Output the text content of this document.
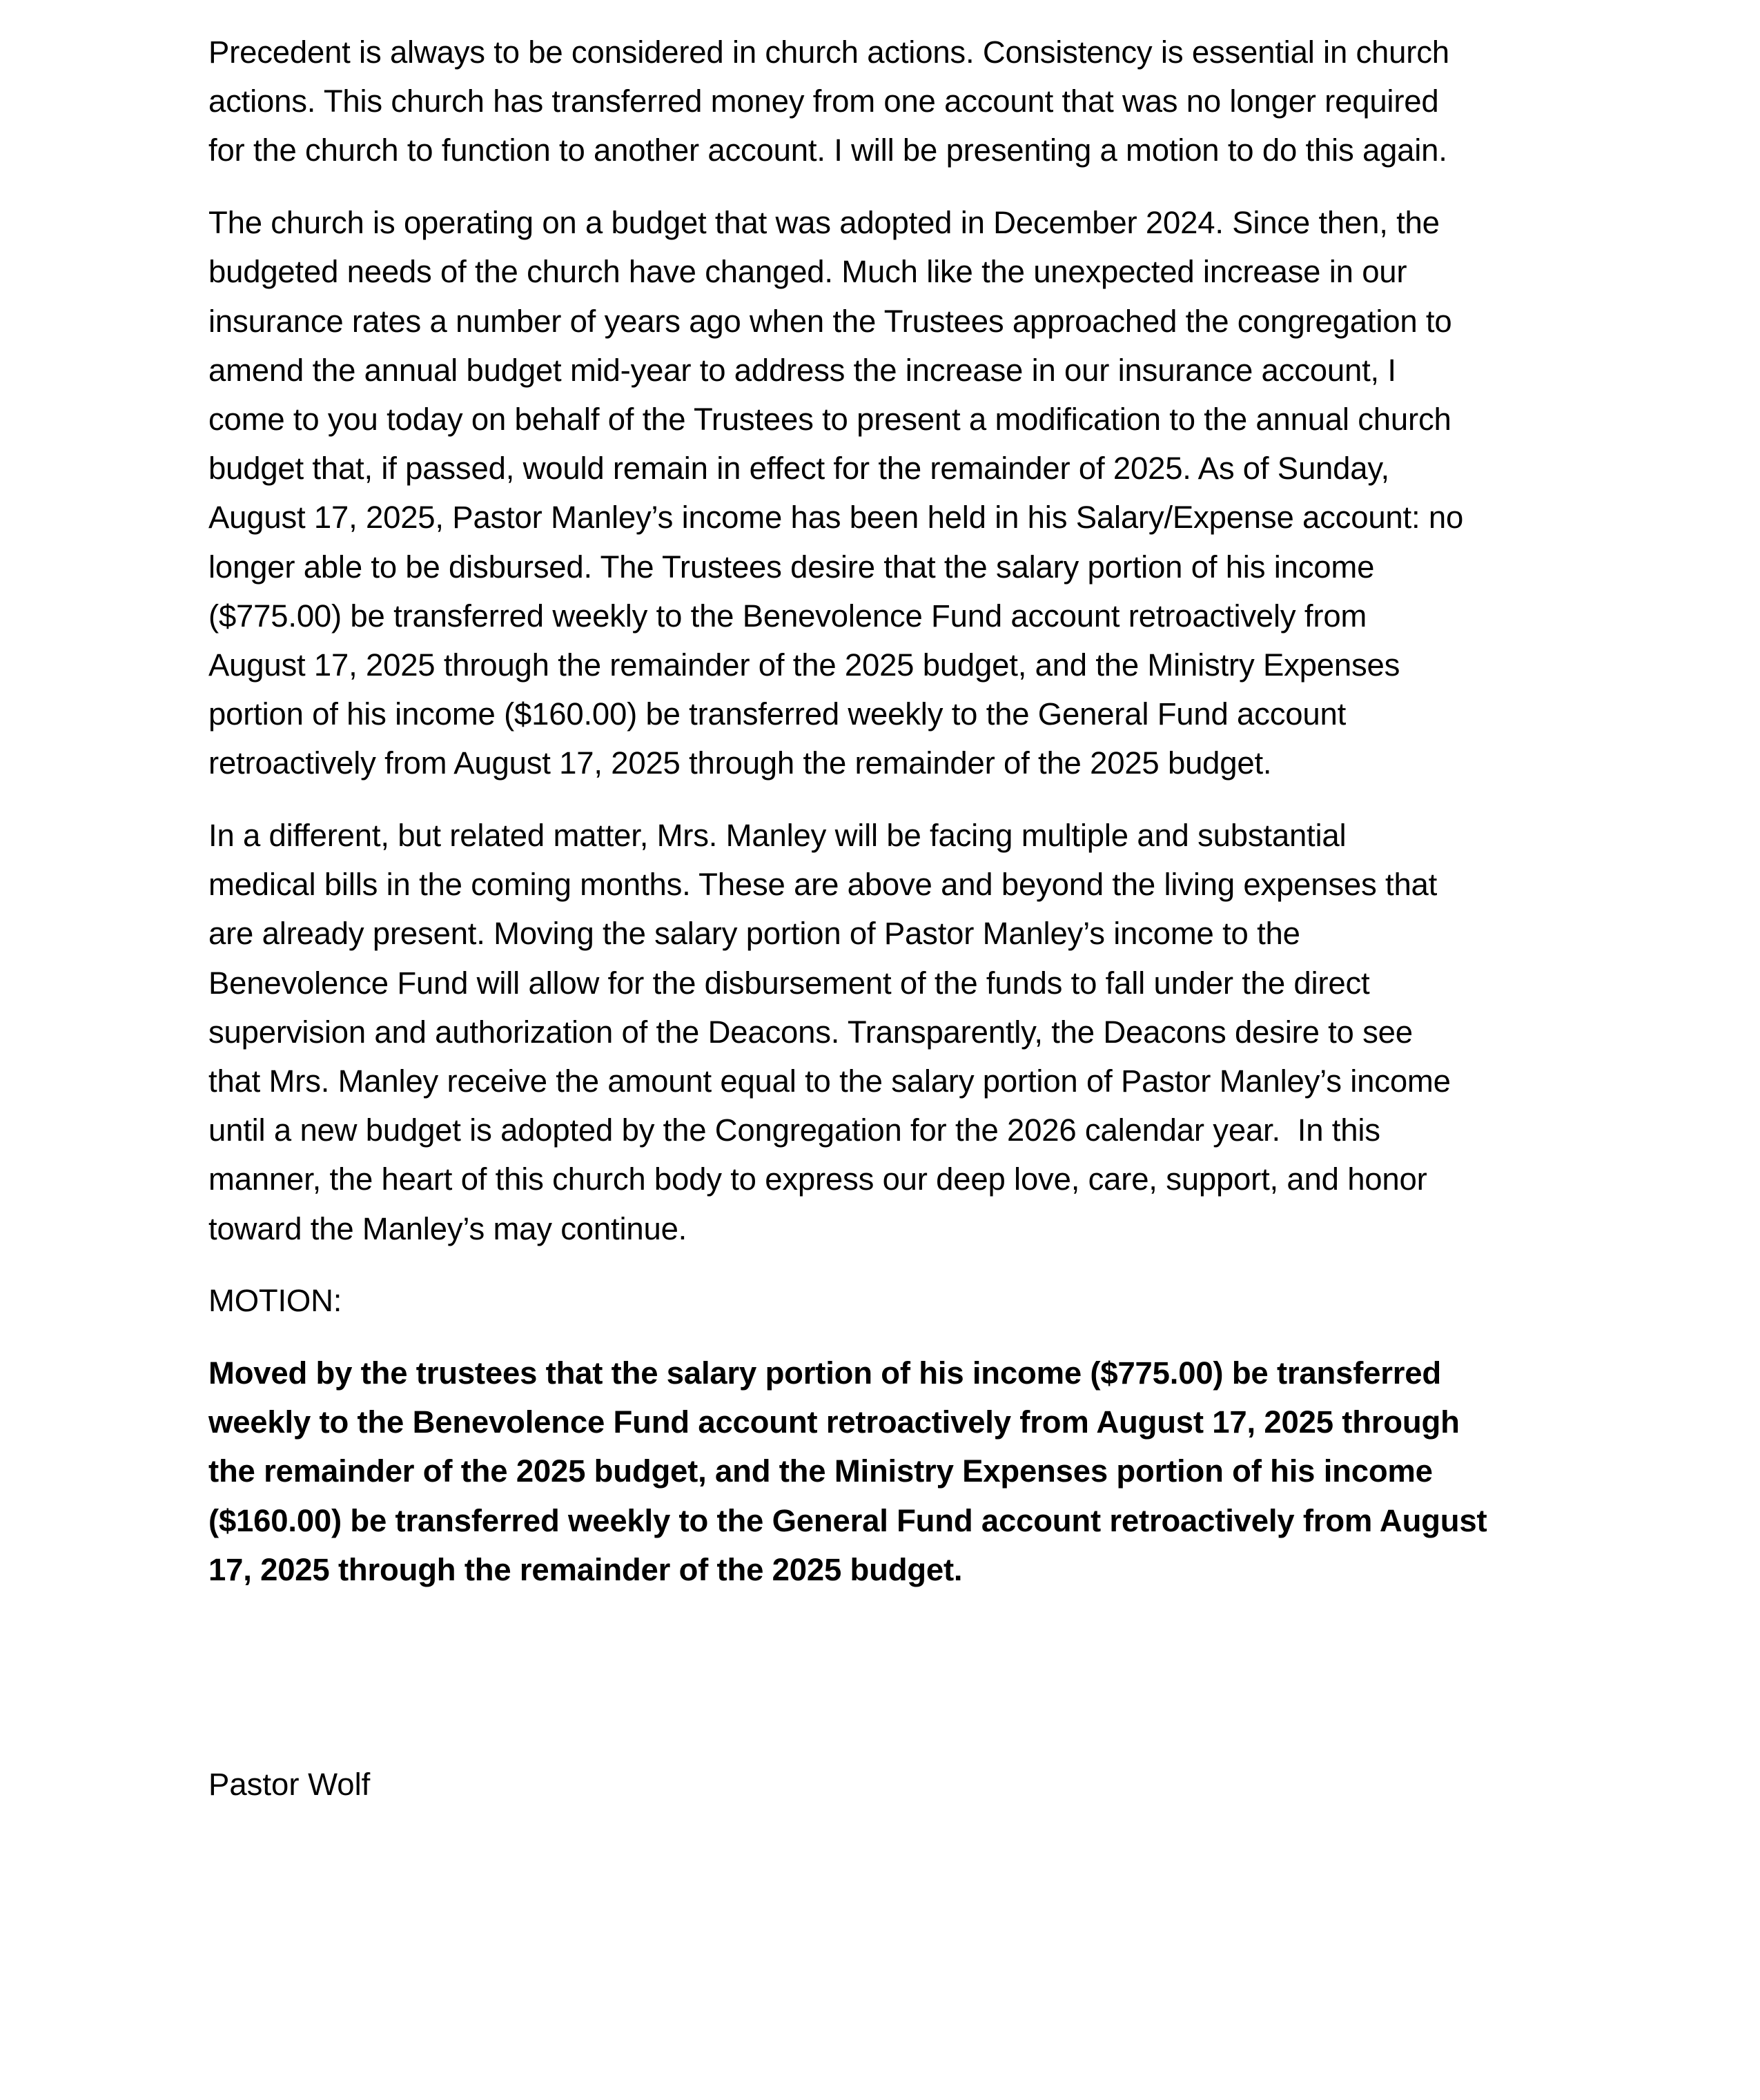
Precedent is always to be considered in church actions. Consistency is essential in church
actions. This church has transferred money from one account that was no longer required
for the church to function to another account. I will be presenting a motion to do this again.
The church is operating on a budget that was adopted in December 2024. Since then, the
budgeted needs of the church have changed. Much like the unexpected increase in our
insurance rates a number of years ago when the Trustees approached the congregation to
amend the annual budget mid-year to address the increase in our insurance account, I
come to you today on behalf of the Trustees to present a modification to the annual church
budget that, if passed, would remain in effect for the remainder of 2025. As of Sunday,
August 17, 2025, Pastor Manley’s income has been held in his Salary/Expense account: no
longer able to be disbursed. The Trustees desire that the salary portion of his income
($775.00) be transferred weekly to the Benevolence Fund account retroactively from
August 17, 2025 through the remainder of the 2025 budget, and the Ministry Expenses
portion of his income ($160.00) be transferred weekly to the General Fund account
retroactively from August 17, 2025 through the remainder of the 2025 budget.
In a different, but related matter, Mrs. Manley will be facing multiple and substantial
medical bills in the coming months. These are above and beyond the living expenses that
are already present. Moving the salary portion of Pastor Manley’s income to the
Benevolence Fund will allow for the disbursement of the funds to fall under the direct
supervision and authorization of the Deacons. Transparently, the Deacons desire to see
that Mrs. Manley receive the amount equal to the salary portion of Pastor Manley’s income
until a new budget is adopted by the Congregation for the 2026 calendar year.  In this
manner, the heart of this church body to express our deep love, care, support, and honor
toward the Manley’s may continue.
MOTION:
Moved by the trustees that the salary portion of his income ($775.00) be transferred
weekly to the Benevolence Fund account retroactively from August 17, 2025 through
the remainder of the 2025 budget, and the Ministry Expenses portion of his income
($160.00) be transferred weekly to the General Fund account retroactively from August
17, 2025 through the remainder of the 2025 budget.
Pastor Wolf
